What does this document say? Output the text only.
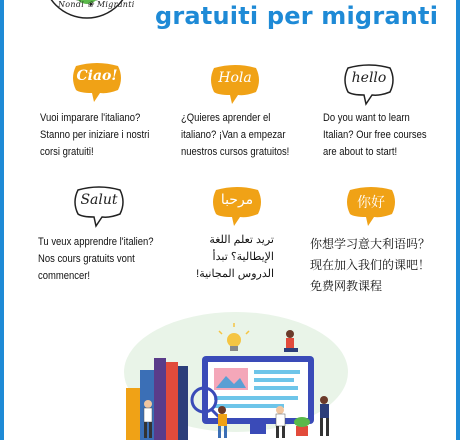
Nondi ❀ Migranti gratuiti per migranti
Ciao!
Vuoi imparare l'italiano?
Stanno per iniziare i nostri
corsi gratuiti!
Hola
¿Quieres aprender el
italiano? ¡Van a empezar
nuestros cursos gratuitos!
hello
Do you want to learn
Italian? Our free courses
are about to start!
Salut
Tu veux apprendre l'italien?
Nos cours gratuits vont
commencer!
مرحبا
تريد تعلم اللغة
الإيطالية؟ تبدأ
الدروس المجانية!
你好
你想学习意大利语吗？
现在加入我们的课吧！
免费网教课程
